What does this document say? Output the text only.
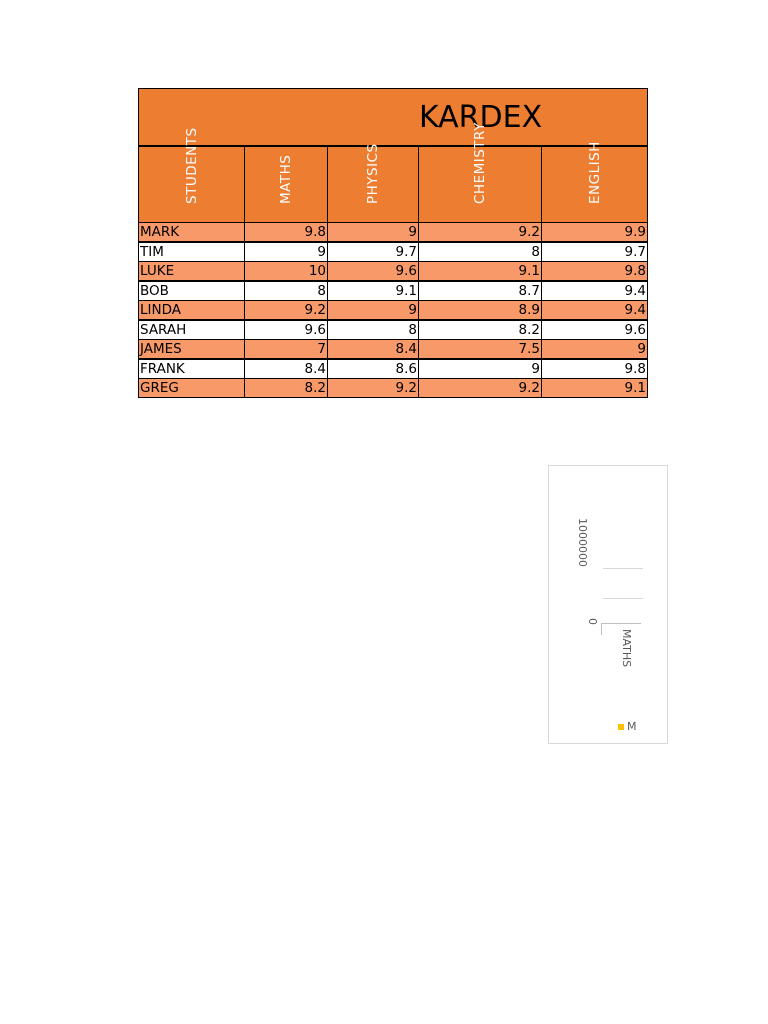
KARDEX
STUDENTS	MATHS	PHYSICS	CHEMISTRY	ENGLISH
MARK	9.8	9	9.2	9.9
TIM	9	9.7	8	9.7
LUKE	10	9.6	9.1	9.8
BOB	8	9.1	8.7	9.4
LINDA	9.2	9	8.9	9.4
SARAH	9.6	8	8.2	9.6
JAMES	7	8.4	7.5	9
FRANK	8.4	8.6	9	9.8
GREG	8.2	9.2	9.2	9.1
1000000
0
MATHS
M
